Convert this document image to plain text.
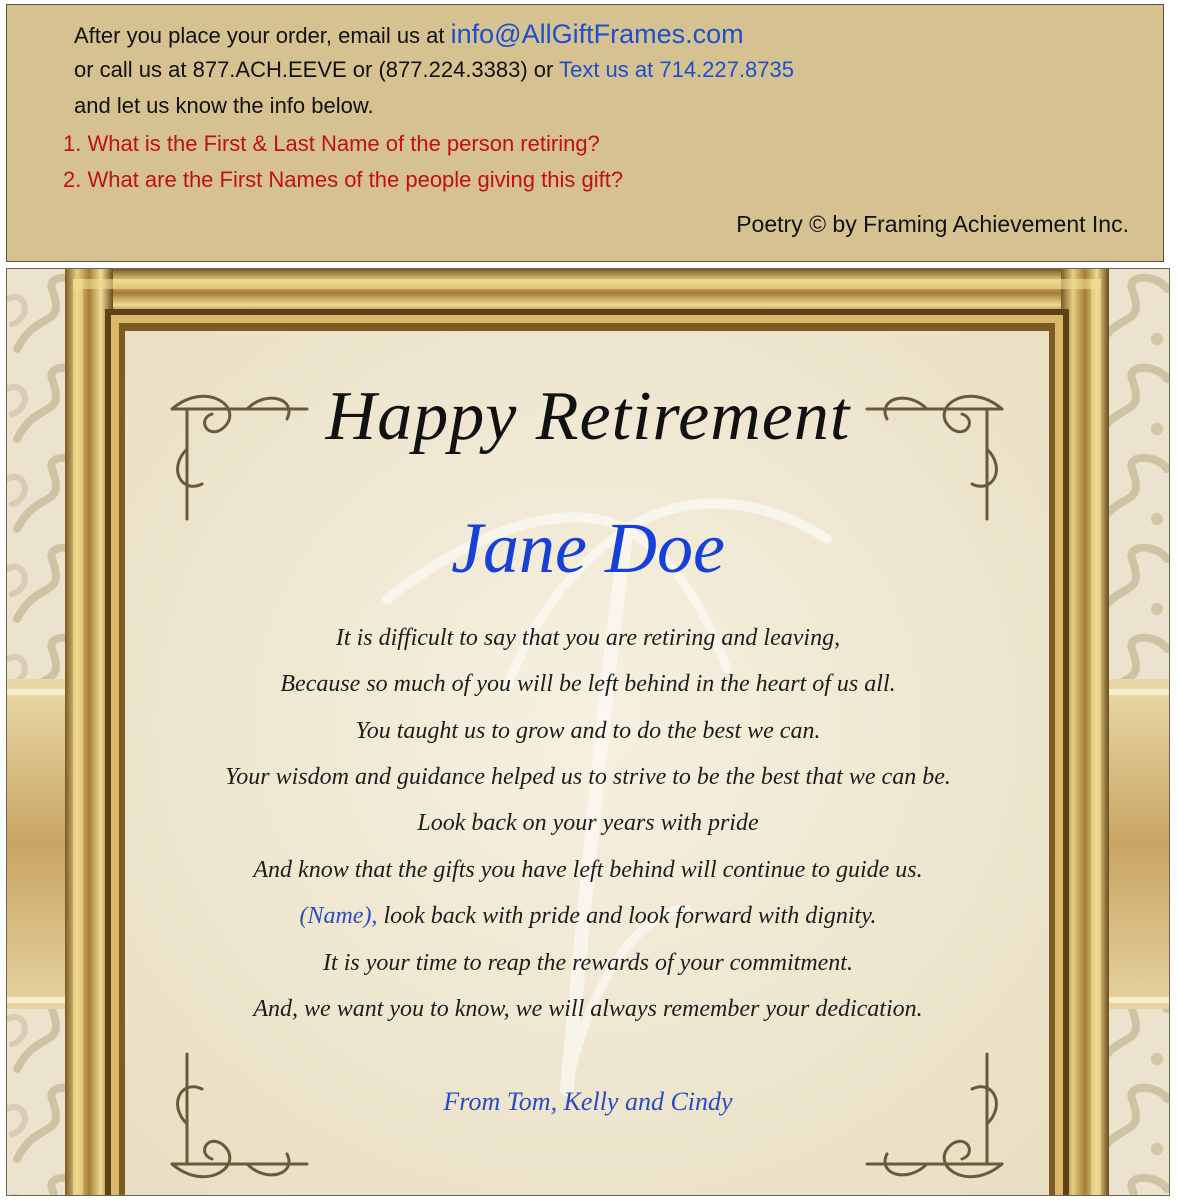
After you place your order, email us at info@AllGiftFrames.com
or call us at 877.ACH.EEVE or (877.224.3383) or Text us at 714.227.8735
and let us know the info below.
1. What is the First & Last Name of the person retiring?
2. What are the First Names of the people giving this gift?
Poetry © by Framing Achievement Inc.
Happy Retirement
Jane Doe
It is difficult to say that you are retiring and leaving,
Because so much of you will be left behind in the heart of us all.
You taught us to grow and to do the best we can.
Your wisdom and guidance helped us to strive to be the best that we can be.
Look back on your years with pride
And know that the gifts you have left behind will continue to guide us.
(Name), look back with pride and look forward with dignity.
It is your time to reap the rewards of your commitment.
And, we want you to know, we will always remember your dedication.
From Tom, Kelly and Cindy
